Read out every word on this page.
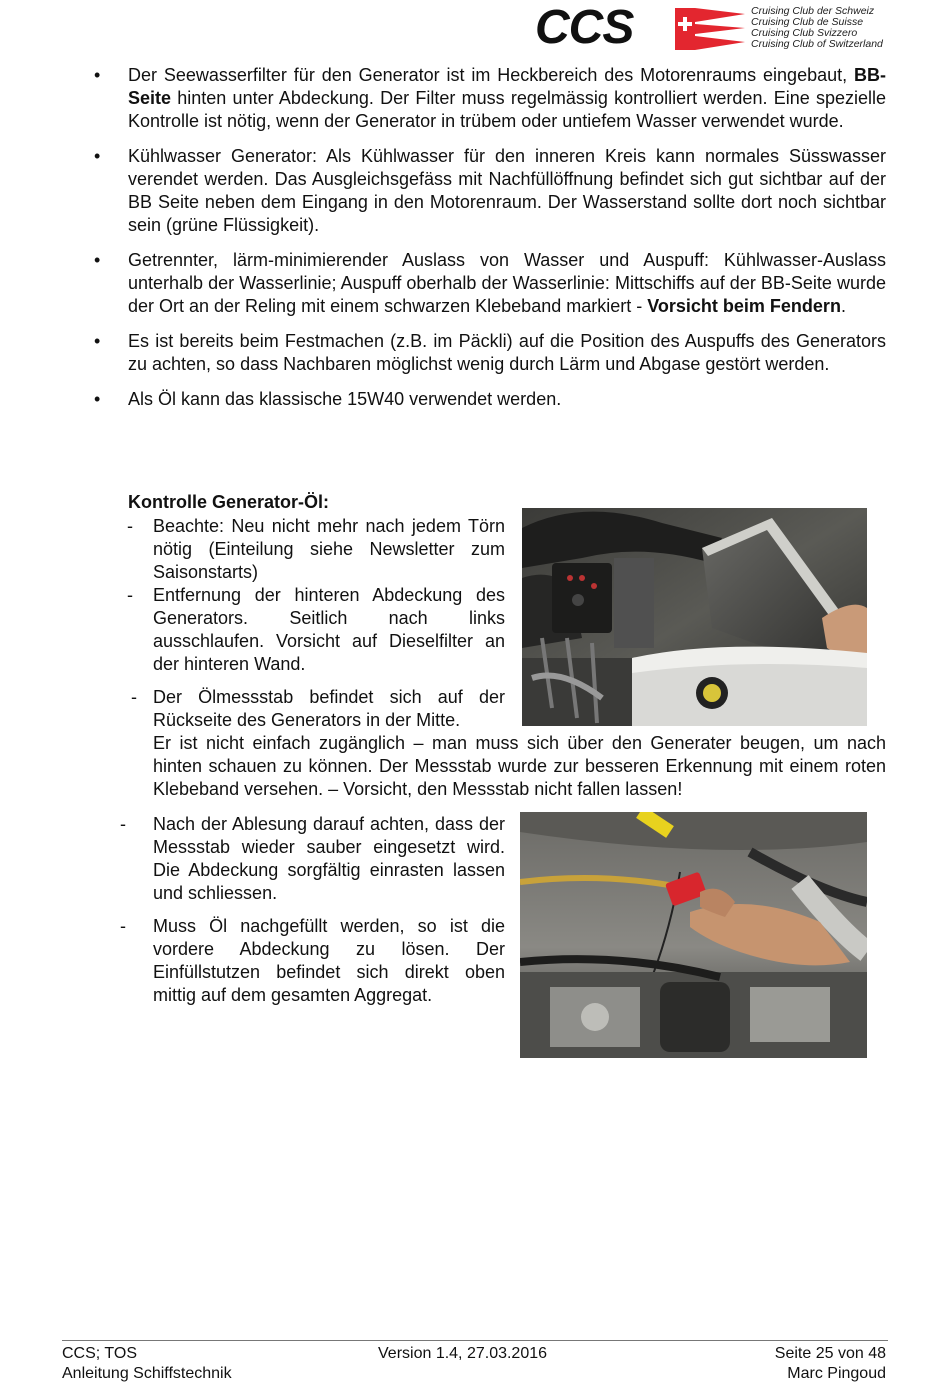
CCS	Cruising Club der Schweiz
Cruising Club de Suisse
Cruising Club Svizzero
Cruising Club of Switzerland
• Der Seewasserfilter für den Generator ist im Heckbereich des Motorenraums eingebaut, BB-Seite hinten unter Abdeckung. Der Filter muss regelmässig kontrolliert werden. Eine spezielle Kontrolle ist nötig, wenn der Generator in trübem oder untiefem Wasser verwendet wurde.
• Kühlwasser Generator: Als Kühlwasser für den inneren Kreis kann normales Süsswasser verendet werden. Das Ausgleichsgefäss mit Nachfüllöffnung befindet sich gut sichtbar auf der BB Seite neben dem Eingang in den Motorenraum. Der Wasserstand sollte dort noch sichtbar sein (grüne Flüssigkeit).
• Getrennter, lärm-minimierender Auslass von Wasser und Auspuff: Kühlwasser-Auslass unterhalb der Wasserlinie; Auspuff oberhalb der Wasserlinie: Mittschiffs auf der BB-Seite wurde der Ort an der Reling mit einem schwarzen Klebeband markiert - Vorsicht beim Fendern.
• Es ist bereits beim Festmachen (z.B. im Päckli) auf die Position des Auspuffs des Generators zu achten, so dass Nachbaren möglichst wenig durch Lärm und Abgase gestört werden.
• Als Öl kann das klassische 15W40 verwendet werden.
Kontrolle Generator-Öl:
- Beachte: Neu nicht mehr nach jedem Törn nötig (Einteilung siehe Newsletter zum Saisonstarts)
- Entfernung der hinteren Abdeckung des Generators. Seitlich nach links ausschlaufen. Vorsicht auf Dieselfilter an der hinteren Wand.
- Der Ölmessstab befindet sich auf der Rückseite des Generators in der Mitte.
Er ist nicht einfach zugänglich – man muss sich über den Generater beugen, um nach hinten schauen zu können. Der Messstab wurde zur besseren Erkennung mit einem roten Klebeband versehen. – Vorsicht, den Messstab nicht fallen lassen!
- Nach der Ablesung darauf achten, dass der Messstab wieder sauber eingesetzt wird. Die Abdeckung sorgfältig einrasten lassen und schliessen.
- Muss Öl nachgefüllt werden, so ist die vordere Abdeckung zu lösen. Der Einfüllstutzen befindet sich direkt oben mittig auf dem gesamten Aggregat.
CCS; TOS
Anleitung Schiffstechnik
Version 1.4, 27.03.2016	Seite 25 von 48
Marc Pingoud
